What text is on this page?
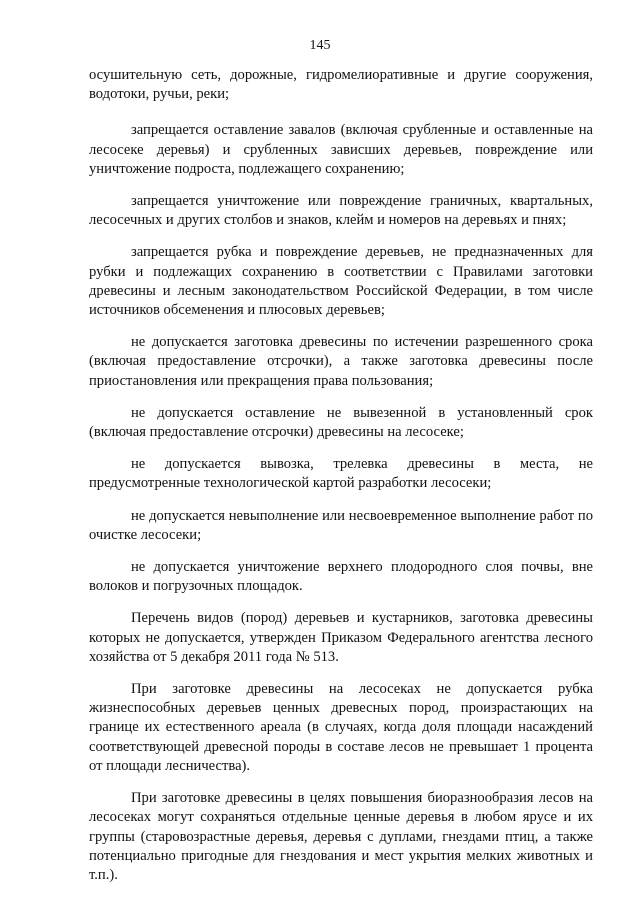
145

осушительную сеть, дорожные, гидромелиоративные и другие сооружения, водотоки, ручьи, реки;

запрещается оставление завалов (включая срубленные и оставленные на лесосеке деревья) и срубленных зависших деревьев, повреждение или уничтожение подроста, подлежащего сохранению;

запрещается уничтожение или повреждение граничных, квартальных, лесосечных и других столбов и знаков, клейм и номеров на деревьях и пнях;

запрещается рубка и повреждение деревьев, не предназначенных для рубки и подлежащих сохранению в соответствии с Правилами заготовки древесины и лесным законодательством Российской Федерации, в том числе источников обсеменения и плюсовых деревьев;

не допускается заготовка древесины по истечении разрешенного срока (включая предоставление отсрочки), а также заготовка древесины после приостановления или прекращения права пользования;

не допускается оставление не вывезенной в установленный срок (включая предоставление отсрочки) древесины на лесосеке;

не допускается вывозка, трелевка древесины в места, не предусмотренные технологической картой разработки лесосеки;

не допускается невыполнение или несвоевременное выполнение работ по очистке лесосеки;

не допускается уничтожение верхнего плодородного слоя почвы, вне волоков и погрузочных площадок.

Перечень видов (пород) деревьев и кустарников, заготовка древесины которых не допускается, утвержден Приказом Федерального агентства лесного хозяйства от 5 декабря 2011 года № 513.

При заготовке древесины на лесосеках не допускается рубка жизнеспособных деревьев ценных древесных пород, произрастающих на границе их естественного ареала (в случаях, когда доля площади насаждений соответствующей древесной породы в составе лесов не превышает 1 процента от площади лесничества).

При заготовке древесины в целях повышения биоразнообразия лесов на лесосеках могут сохраняться отдельные ценные деревья в любом ярусе и их группы (старовозрастные деревья, деревья с дуплами, гнездами птиц, а также потенциально пригодные для гнездования и мест укрытия мелких животных и т.п.).
